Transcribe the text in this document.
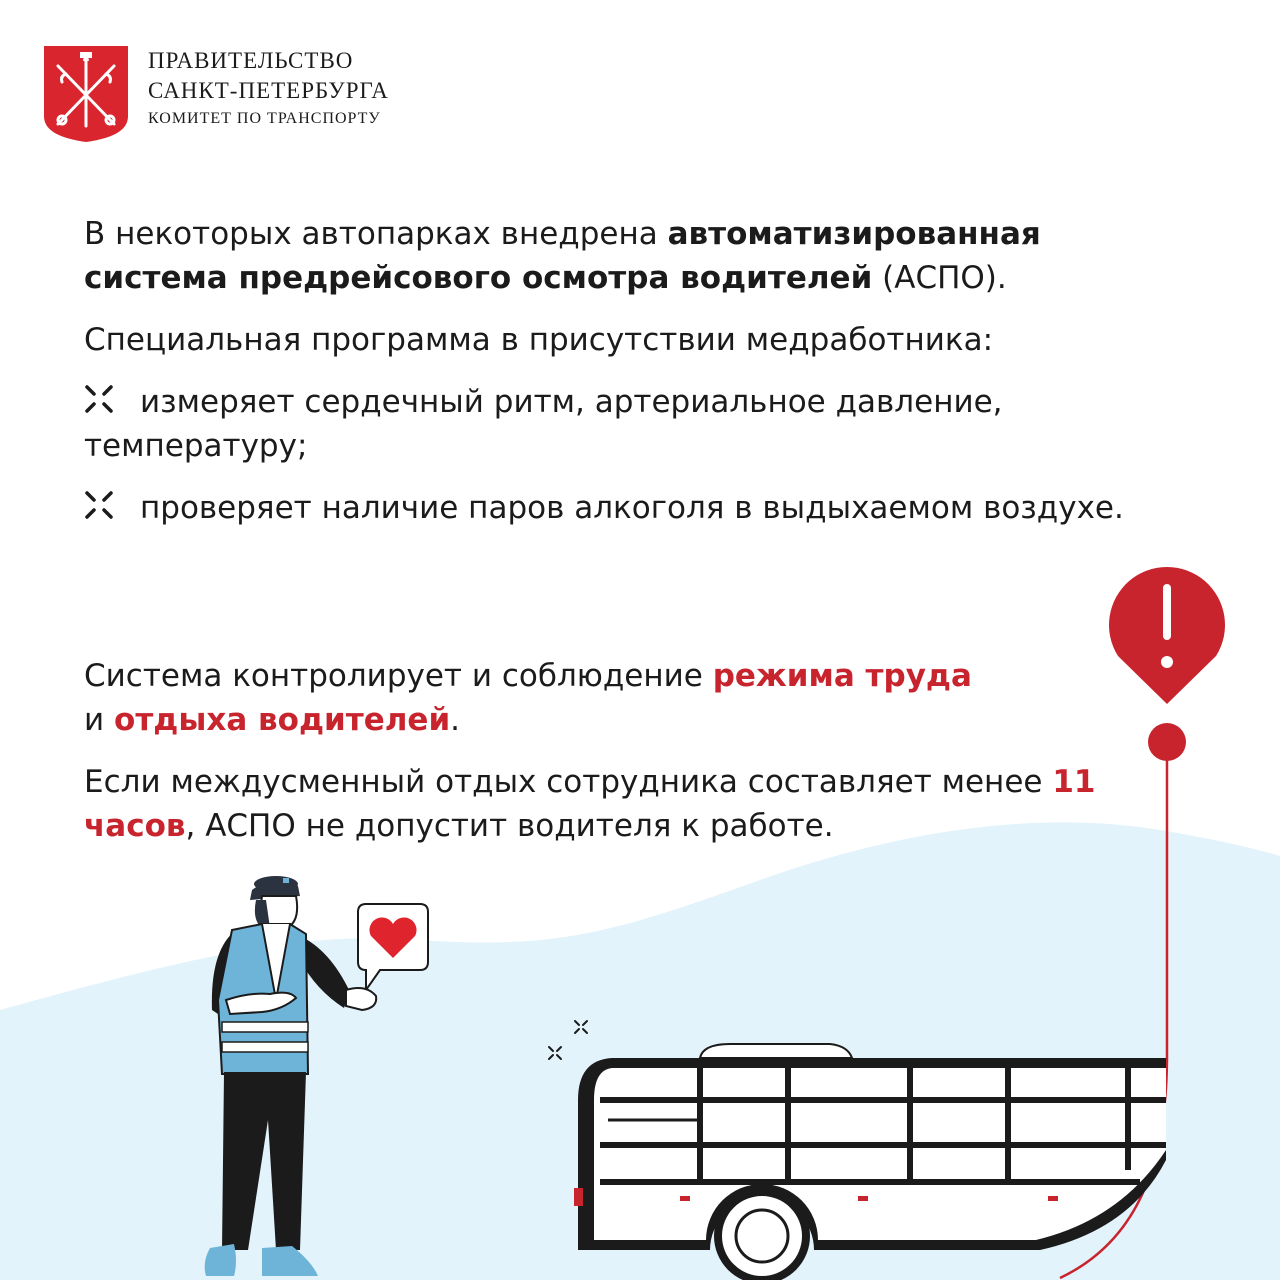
ПРАВИТЕЛЬСТВО
САНКТ-ПЕТЕРБУРГА
КОМИТЕТ ПО ТРАНСПОРТУ
В некоторых автопарках внедрена автоматизированная система предрейсового осмотра водителей (АСПО).
Специальная программа в присутствии медработника:
измеряет сердечный ритм, артериальное давление, температуру;
проверяет наличие паров алкоголя в выдыхаемом воздухе.
Система контролирует и соблюдение режима труда
и отдыха водителей.
Если междусменный отдых сотрудника составляет менее 11 часов, АСПО не допустит водителя к работе.
